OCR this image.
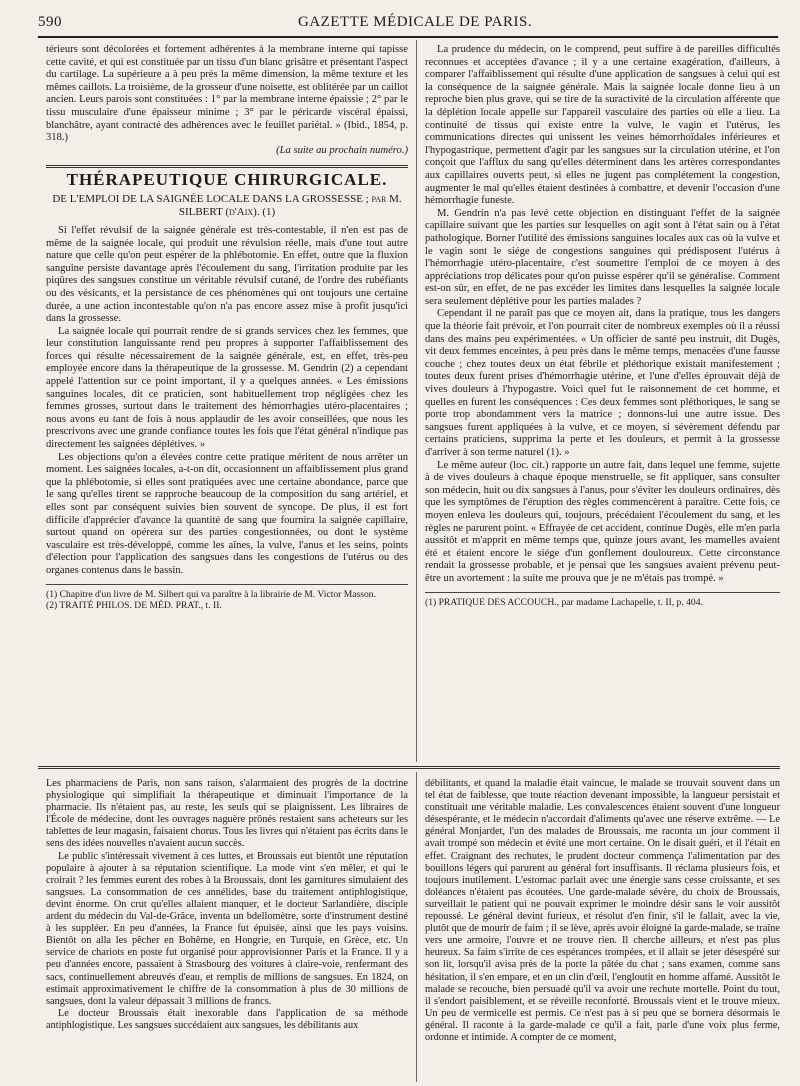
590	GAZETTE MÉDICALE DE PARIS.

térieurs sont décolorées et fortement adhérentes à la membrane interne qui tapisse cette cavité, et qui est constituée par un tissu d'un blanc grisâtre et présentant l'aspect du cartilage. La supérieure a à peu près la même dimension, la même texture et les mêmes caillots. La troisième, de la grosseur d'une noisette, est oblitérée par un caillot ancien. Leurs parois sont constituées : 1° par la membrane interne épaissie ; 2° par le tissu musculaire d'une épaisseur minime ; 3° par le péricarde viscéral épaissi, blanchâtre, ayant contracté des adhérences avec le feuillet pariétal. » (Ibid., 1854, p. 318.)

(La suite au prochain numéro.)

THÉRAPEUTIQUE CHIRURGICALE.
DE L'EMPLOI DE LA SAIGNÉE LOCALE DANS LA GROSSESSE ; par M. SILBERT (d'Aix). (1)

Si l'effet révulsif de la saignée générale est très-contestable, il n'en est pas de même de la saignée locale, qui produit une révulsion réelle, mais d'une tout autre nature que celle qu'on peut espérer de la phlébotomie. En effet, outre que la fluxion sanguine persiste davantage après l'écoulement du sang, l'irritation produite par les piqûres des sangsues constitue un véritable révulsif cutané, de l'ordre des rubéfiants ou des vésicants, et la persistance de ces phénomènes qui ont toujours une certaine durée, a une action incontestable qu'on n'a pas encore assez mise à profit jusqu'ici dans la grossesse.

La saignée locale qui pourrait rendre de si grands services chez les femmes, que leur constitution languissante rend peu propres à supporter l'affaiblissement des forces qui résulte nécessairement de la saignée générale, est, en effet, très-peu employée encore dans la thérapeutique de la grossesse. M. Gendrin (2) a cependant appelé l'attention sur ce point important, il y a quelques années. « Les émissions sanguines locales, dit ce praticien, sont habituellement trop négligées chez les femmes grosses, surtout dans le traitement des hémorrhagies utéro-placentaires ; nous avons eu tant de fois à nous applaudir de les avoir conseillées, que nous les prescrivons avec une grande confiance toutes les fois que l'état général n'indique pas directement les saignées déplétives. »

Les objections qu'on a élevées contre cette pratique méritent de nous arrêter un moment. Les saignées locales, a-t-on dit, occasionnent un affaiblissement plus grand que la phlébotomie, si elles sont pratiquées avec une certaine abondance, parce que le sang qu'elles tirent se rapproche beaucoup de la composition du sang artériel, et elles sont par conséquent suivies bien souvent de syncope. De plus, il est fort difficile d'apprécier d'avance la quantité de sang que fournira la saignée capillaire, surtout quand on opérera sur des parties congestionnées, ou dont le système vasculaire est très-développé, comme les aînes, la vulve, l'anus et les seins, points d'élection pour l'application des sangsues dans les congestions de l'utérus ou des organes contenus dans le bassin.

(1) Chapitre d'un livre de M. Silbert qui va paraître à la librairie de M. Victor Masson.

(2) TRAITÉ PHILOS. DE MÉD. PRAT., t. II.

La prudence du médecin, on le comprend, peut suffire à de pareilles difficultés reconnues et acceptées d'avance ; il y a une certaine exagération, d'ailleurs, à comparer l'affaiblissement qui résulte d'une application de sangsues à celui qui est la conséquence de la saignée générale. Mais la saignée locale donne lieu à un reproche bien plus grave, qui se tire de la suractivité de la circulation afférente que la déplétion locale appelle sur l'appareil vasculaire des parties où elle a lieu. La continuité de tissus qui existe entre la vulve, le vagin et l'utérus, les communications directes qui unissent les veines hémorrhoïdales inférieures et l'hypogastrique, permettent d'agir par les sangsues sur la circulation utérine, et l'on conçoit que l'afflux du sang qu'elles déterminent dans les artères correspondantes aux capillaires ouverts peut, si elles ne jugent pas complétement la congestion, augmenter le mal qu'elles étaient destinées à combattre, et devenir l'occasion d'une hémorrhagie funeste.

M. Gendrin n'a pas levé cette objection en distinguant l'effet de la saignée capillaire suivant que les parties sur lesquelles on agit sont à l'état sain ou à l'état pathologique. Borner l'utilité des émissions sanguines locales aux cas où la vulve et le vagin sont le siége de congestions sanguines qui prédisposent l'utérus à l'hémorrhagie utéro-placentaire, c'est soumettre l'emploi de ce moyen à des appréciations trop délicates pour qu'on puisse espérer qu'il se généralise. Comment est-on sûr, en effet, de ne pas excéder les limites dans lesquelles la saignée locale sera seulement déplétive pour les parties malades ?

Cependant il ne paraît pas que ce moyen ait, dans la pratique, tous les dangers que la théorie fait prévoir, et l'on pourrait citer de nombreux exemples où il a réussi dans des mains peu expérimentées. « Un officier de santé peu instruit, dit Dugès, vit deux femmes enceintes, à peu près dans le même temps, menacées d'une fausse couche ; chez toutes deux un état fébrile et pléthorique existait manifestement ; toutes deux furent prises d'hémorrhagie utérine, et l'une d'elles éprouvait déjà de vives douleurs à l'hypogastre. Voici quel fut le raisonnement de cet homme, et quelles en furent les conséquences : Ces deux femmes sont pléthoriques, le sang se porte trop abondamment vers la matrice ; donnons-lui une autre issue. Des sangsues furent appliquées à la vulve, et ce moyen, si sévèrement défendu par certains praticiens, supprima la perte et les douleurs, et permit à la grossesse d'arriver à son terme naturel (1). »

Le même auteur (loc. cit.) rapporte un autre fait, dans lequel une femme, sujette à de vives douleurs à chaque époque menstruelle, se fit appliquer, sans consulter son médecin, huit ou dix sangsues à l'anus, pour s'éviter les douleurs ordinaires, dès que les symptômes de l'éruption des règles commencèrent à paraître. Cette fois, ce moyen enleva les douleurs qui, toujours, précédaient l'écoulement du sang, et les règles ne parurent point. « Effrayée de cet accident, continue Dugès, elle m'en parla aussitôt et m'apprit en même temps que, quinze jours avant, les mamelles avaient été et étaient encore le siége d'un gonflement douloureux. Cette circonstance rendait la grossesse probable, et je pensai que les sangsues avaient prévenu peut-être un avortement : la suite me prouva que je ne m'étais pas trompé. »

(1) PRATIQUE DES ACCOUCH., par madame Lachapelle, t. II, p. 404.

Les pharmaciens de Paris, non sans raison, s'alarmaient des progrès de la doctrine physiologique qui simplifiait la thérapeutique et diminuait l'importance de la pharmacie. Ils n'étaient pas, au reste, les seuls qui se plaignissent. Les libraires de l'École de médecine, dont les ouvrages naguère prônés restaient sans acheteurs sur les tablettes de leur magasin, faisaient chorus. Tous les livres qui n'étaient pas écrits dans le sens des idées nouvelles n'avaient aucun succès.

Le public s'intéressait vivement à ces luttes, et Broussais eut bientôt une réputation populaire à ajouter à sa réputation scientifique. La mode vint s'en mêler, et qui le croirait ? les femmes eurent des robes à la Broussais, dont les garnitures simulaient des sangsues. La consommation de ces annélides, base du traitement antiphlogistique, devint énorme. On crut qu'elles allaient manquer, et le docteur Sarlandière, disciple ardent du médecin du Val-de-Grâce, inventa un bdellomètre, sorte d'instrument destiné à les suppléer. En peu d'années, la France fut épuisée, ainsi que les pays voisins. Bientôt on alla les pêcher en Bohême, en Hongrie, en Turquie, en Grèce, etc. Un service de chariots en poste fut organisé pour approvisionner Paris et la France. Il y a peu d'années encore, passaient à Strasbourg des voitures à claire-voie, renfermant des sacs, continuellement abreuvés d'eau, et remplis de millions de sangsues. En 1824, on estimait approximativement le chiffre de la consommation à plus de 30 millions de sangsues, dont la valeur dépassait 3 millions de francs.

Le docteur Broussais était inexorable dans l'application de sa méthode antiphlogistique. Les sangsues succédaient aux sangsues, les débilitants aux

débilitants, et quand la maladie était vaincue, le malade se trouvait souvent dans un tel état de faiblesse, que toute réaction devenant impossible, la langueur persistait et constituait une véritable maladie. Les convalescences étaient souvent d'une longueur désespérante, et le médecin n'accordait d'aliments qu'avec une réserve extrême. — Le général Monjardet, l'un des malades de Broussais, me raconta un jour comment il avait trompé son médecin et évité une mort certaine. On le disait guéri, et il l'était en effet. Craignant des rechutes, le prudent docteur commença l'alimentation par des bouillons légers qui parurent au général fort insuffisants. Il réclama plusieurs fois, et toujours inutilement. L'estomac parlait avec une énergie sans cesse croissante, et ses doléances n'étaient pas écoutées. Une garde-malade sévère, du choix de Broussais, surveillait le patient qui ne pouvait exprimer le moindre désir sans le voir aussitôt repoussé. Le général devint furieux, et résolut d'en finir, s'il le fallait, avec la vie, plutôt que de mourir de faim ; il se lève, après avoir éloigné la garde-malade, se traîne vers une armoire, l'ouvre et ne trouve rien. Il cherche ailleurs, et n'est pas plus heureux. Sa faim s'irrite de ces espérances trompées, et il allait se jeter désespéré sur son lit, lorsqu'il avisa près de la porte la pâtée du chat ; sans examen, comme sans hésitation, il s'en empare, et en un clin d'œil, l'engloutit en homme affamé. Aussitôt le malade se recouche, bien persuadé qu'il va avoir une rechute mortelle. Point du tout, il s'endort paisiblement, et se réveille reconforté. Broussais vient et le trouve mieux. Un peu de vermicelle est permis. Ce n'est pas à si peu que se bornera désormais le général. Il raconte à la garde-malade ce qu'il a fait, parle d'une voix plus ferme, ordonne et intimide. A compter de ce moment,
